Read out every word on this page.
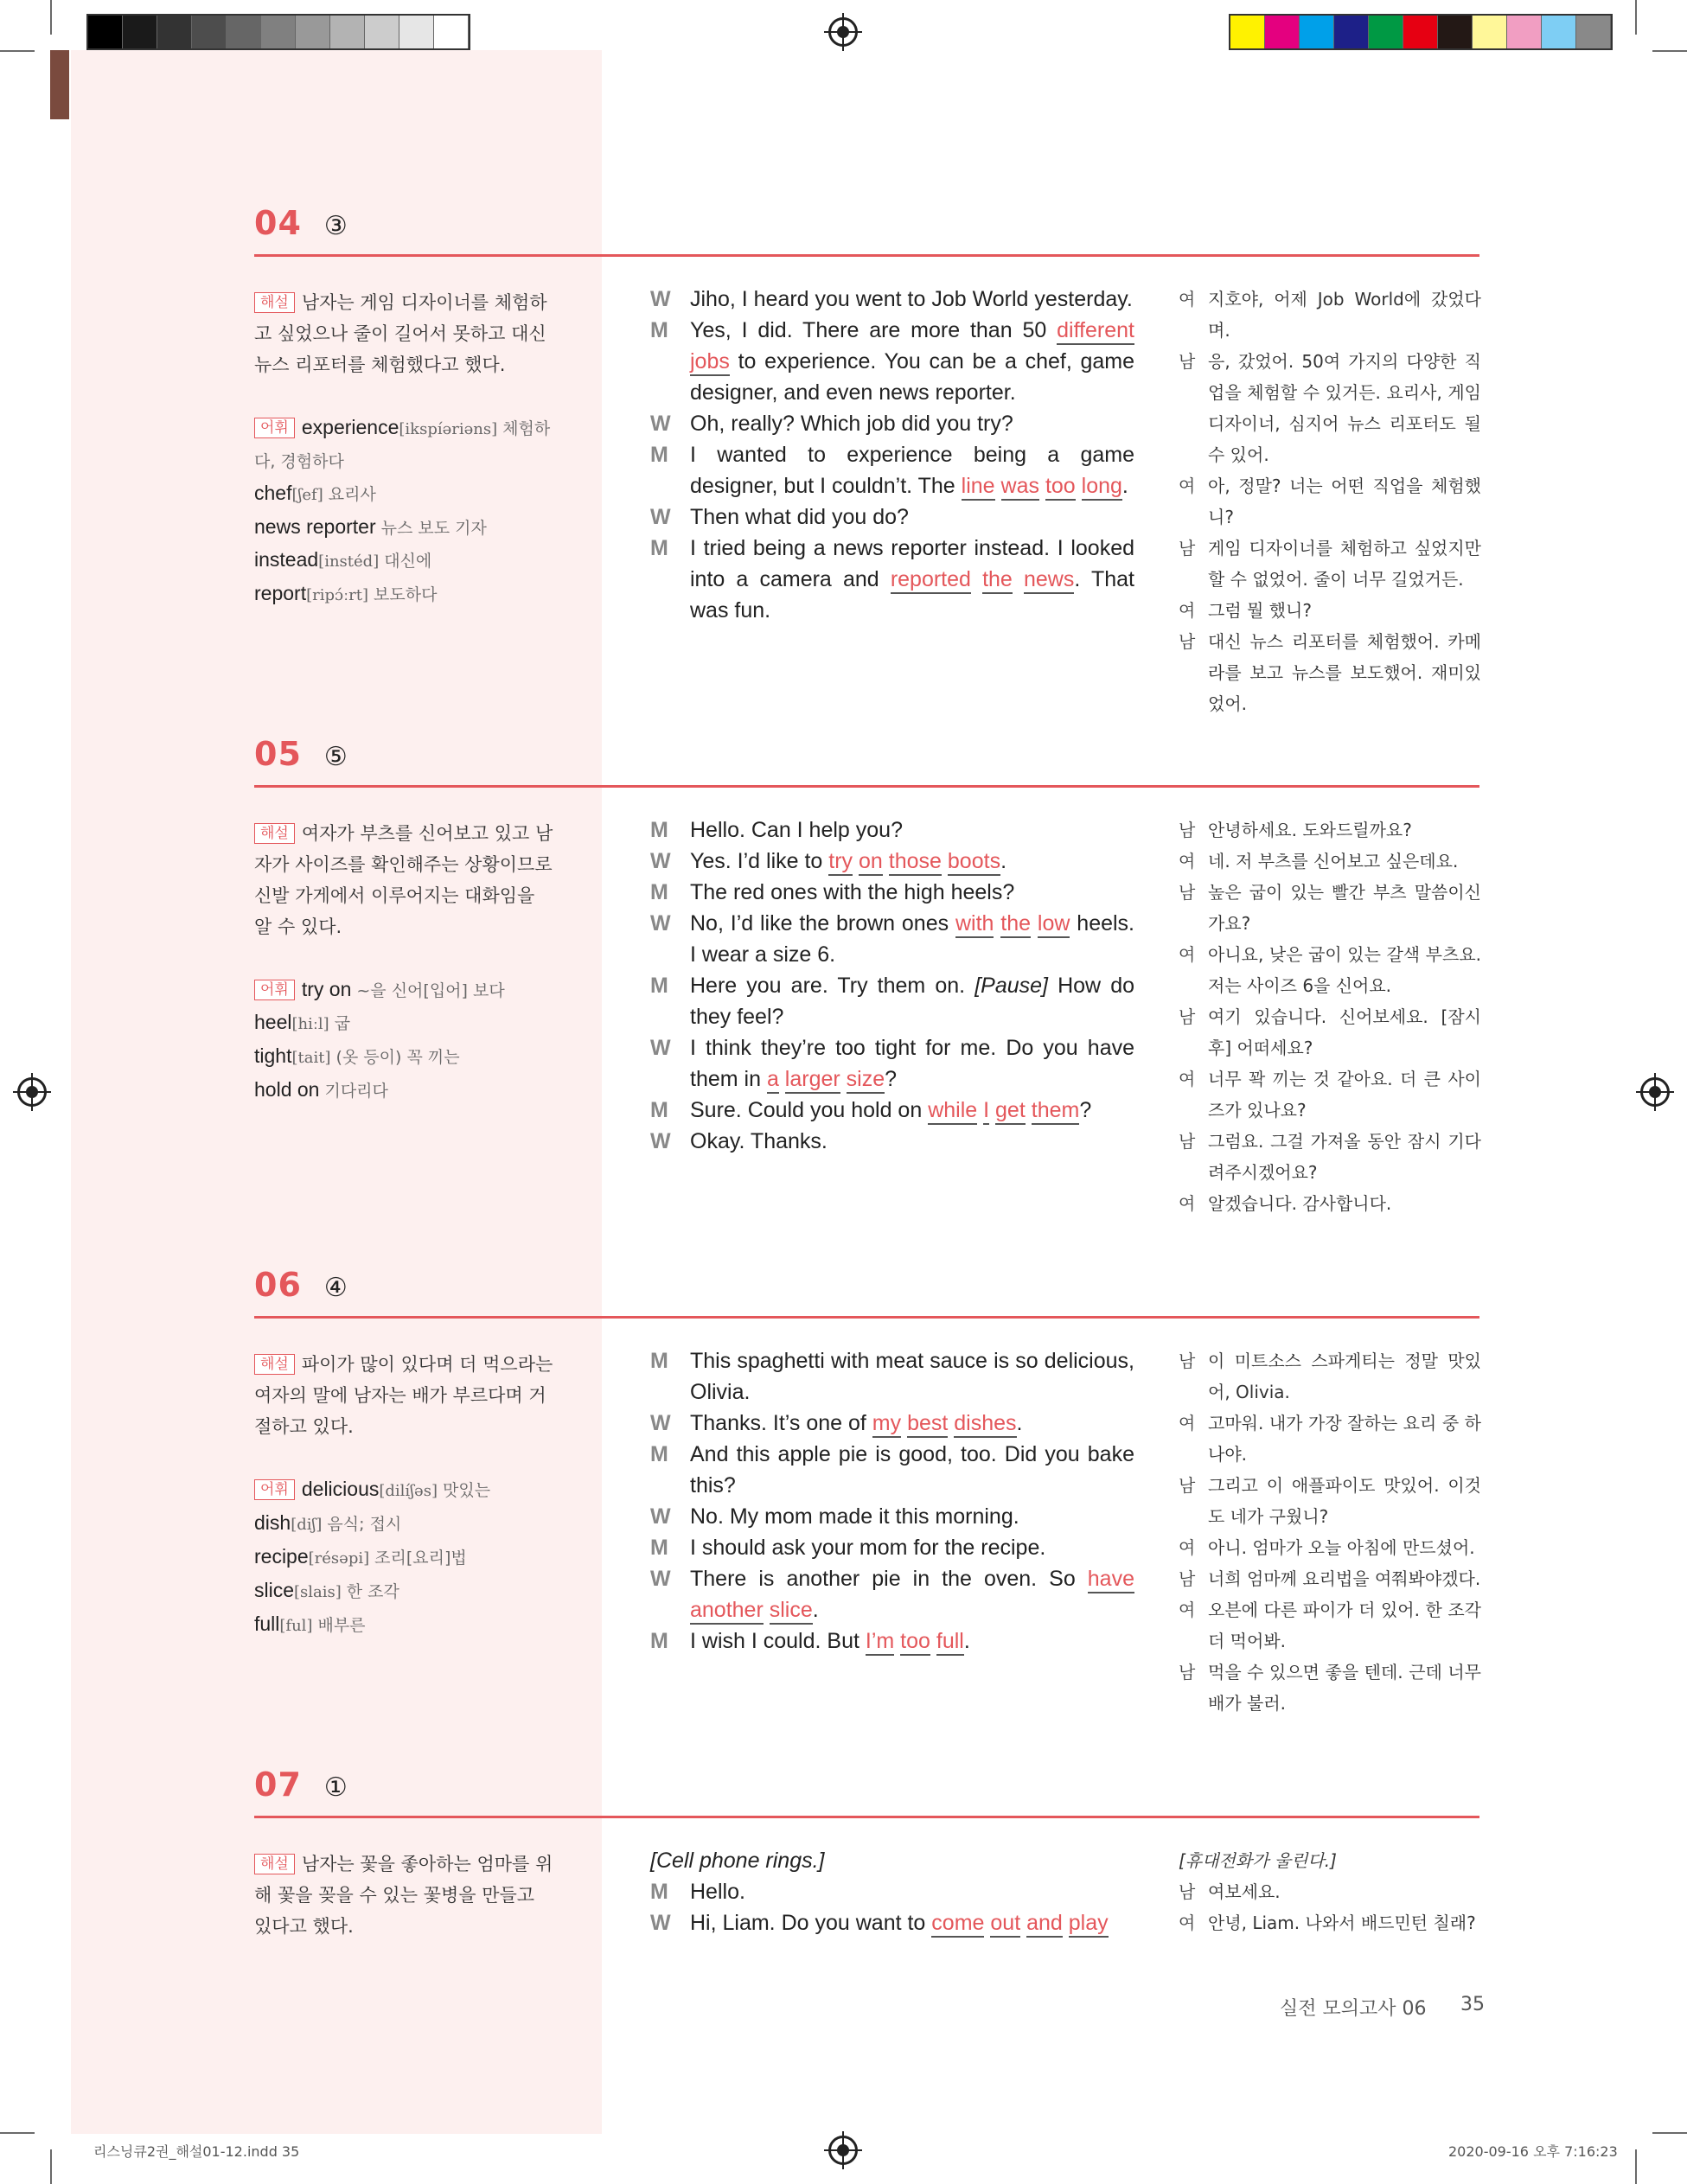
04 ③
해설 남자는 게임 디자이너를 체험하고 싶었으나 줄이 길어서 못하고 대신 뉴스 리포터를 체험했다고 했다.
어휘 experience[ikspíəriəns] 체험하다, 경험하다
chef[ʃef] 요리사
news reporter 뉴스 보도 기자
instead[instéd] 대신에
report[ripɔ́ːrt] 보도하다
W Jiho, I heard you went to Job World yesterday.
M	Yes, I did. There are more than 50 different jobs to experience. You can be a chef, game designer, and even news reporter.
W Oh, really? Which job did you try?
M	I wanted to experience being a game designer, but I couldn’t. The line was too long.
W Then what did you do?
M	I tried being a news reporter instead. I looked into a camera and reported the news. That was fun.
여 지호야, 어제 Job World에 갔었다며.
남 응, 갔었어. 50여 가지의 다양한 직업을 체험할 수 있거든. 요리사, 게임 디자이너, 심지어 뉴스 리포터도 될 수 있어.
여 아, 정말? 너는 어떤 직업을 체험했니?
남 게임 디자이너를 체험하고 싶었지만 할 수 없었어. 줄이 너무 길었거든.
여 그럼 뭘 했니?
남 대신 뉴스 리포터를 체험했어. 카메라를 보고 뉴스를 보도했어. 재미있었어.
05 ⑤
해설 여자가 부츠를 신어보고 있고 남자가 사이즈를 확인해주는 상황이므로 신발 가게에서 이루어지는 대화임을 알 수 있다.
어휘 try on ~을 신어[입어] 보다
heel[hiːl] 굽
tight[tait] (옷 등이) 꼭 끼는
hold on 기다리다
M	Hello. Can I help you?
W Yes. I’d like to try on those boots.
M	The red ones with the high heels?
W No, I’d like the brown ones with the low heels. I wear a size 6.
M	Here you are. Try them on. [Pause] How do they feel?
W I think they’re too tight for me. Do you have them in a larger size?
M	Sure. Could you hold on while I get them?
W Okay. Thanks.
남 안녕하세요. 도와드릴까요?
여 네. 저 부츠를 신어보고 싶은데요.
남 높은 굽이 있는 빨간 부츠 말씀이신가요?
여 아니요, 낮은 굽이 있는 갈색 부츠요. 저는 사이즈 6을 신어요.
남 여기 있습니다. 신어보세요. [잠시 후] 어떠세요?
여 너무 꽉 끼는 것 같아요. 더 큰 사이즈가 있나요?
남 그럼요. 그걸 가져올 동안 잠시 기다려주시겠어요?
여 알겠습니다. 감사합니다.
06 ④
해설 파이가 많이 있다며 더 먹으라는 여자의 말에 남자는 배가 부르다며 거절하고 있다.
어휘 delicious[dilíʃəs] 맛있는
dish[diʃ] 음식; 접시
recipe[résəpi] 조리[요리]법
slice[slais] 한 조각
full[ful] 배부른
M	This spaghetti with meat sauce is so delicious, Olivia.
W Thanks. It’s one of my best dishes.
M	And this apple pie is good, too. Did you bake this?
W No. My mom made it this morning.
M	I should ask your mom for the recipe.
W There is another pie in the oven. So have another slice.
M	I wish I could. But I’m too full.
남 이 미트소스 스파게티는 정말 맛있어, Olivia.
여 고마워. 내가 가장 잘하는 요리 중 하나야.
남 그리고 이 애플파이도 맛있어. 이것도 네가 구웠니?
여 아니. 엄마가 오늘 아침에 만드셨어.
남 너희 엄마께 요리법을 여쭤봐야겠다.
여 오븐에 다른 파이가 더 있어. 한 조각 더 먹어봐.
남 먹을 수 있으면 좋을 텐데. 근데 너무 배가 불러.
07 ①
해설 남자는 꽃을 좋아하는 엄마를 위해 꽃을 꽂을 수 있는 꽃병을 만들고 있다고 했다.
[Cell phone rings.]
M	Hello.
W Hi, Liam. Do you want to come out and play
[휴대전화가 울린다.]
남 여보세요.
여 안녕, Liam. 나와서 배드민턴 칠래?
실전 모의고사 06 35
리스닝큐2권_해설01-12.indd 35	2020-09-16 오후 7:16:23
